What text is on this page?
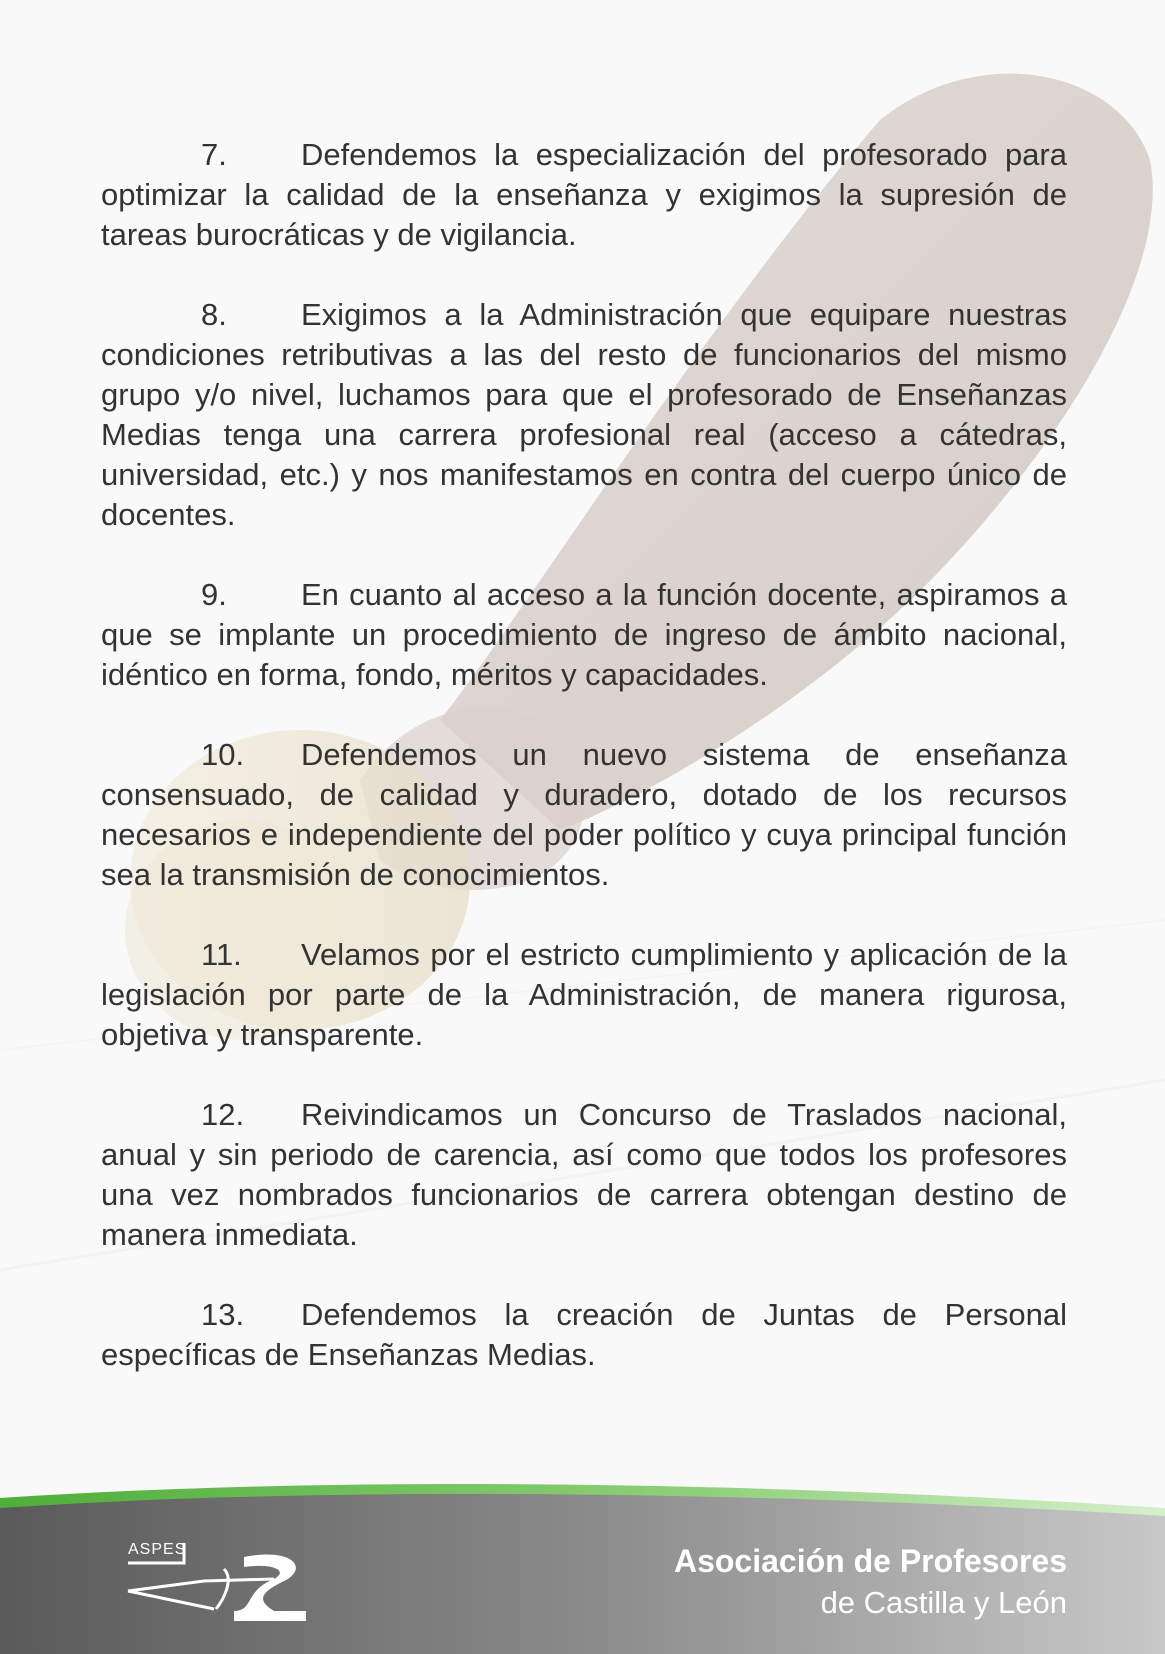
7. Defendemos la especialización del profesorado para optimizar la calidad de la enseñanza y exigimos la supresión de tareas burocráticas y de vigilancia.

8. Exigimos a la Administración que equipare nuestras condiciones retributivas a las del resto de funcionarios del mismo grupo y/o nivel, luchamos para que el profesorado de Enseñanzas Medias tenga una carrera profesional real (acceso a cátedras, universidad, etc.) y nos manifestamos en contra del cuerpo único de docentes.

9. En cuanto al acceso a la función docente, aspiramos a que se implante un procedimiento de ingreso de ámbito nacional, idéntico en forma, fondo, méritos y capacidades.

10. Defendemos un nuevo sistema de enseñanza consensuado, de calidad y duradero, dotado de los recursos necesarios e independiente del poder político y cuya principal función sea la transmisión de conocimientos.

11. Velamos por el estricto cumplimiento y aplicación de la legislación por parte de la Administración, de manera rigurosa, objetiva y transparente.

12. Reivindicamos un Concurso de Traslados nacional, anual y sin periodo de carencia, así como que todos los profesores una vez nombrados funcionarios de carrera obtengan destino de manera inmediata.

13. Defendemos la creación de Juntas de Personal específicas de Enseñanzas Medias.

ASPES	Asociación de Profesores
de Castilla y León
